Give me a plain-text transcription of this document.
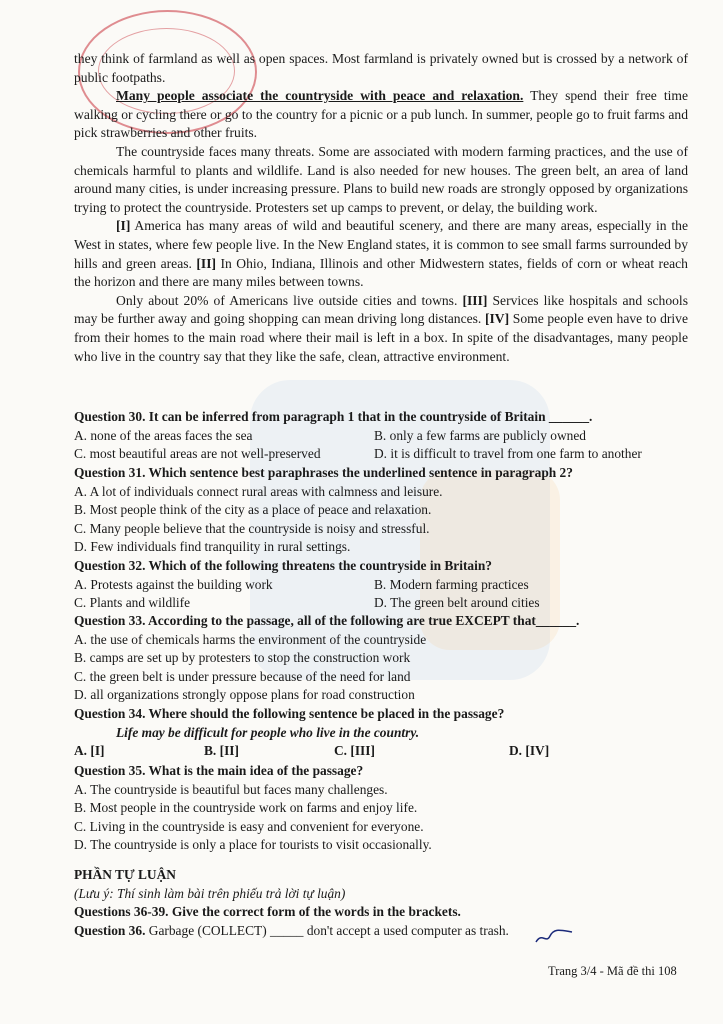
they think of farmland as well as open spaces. Most farmland is privately owned but is crossed by a network of public footpaths.

Many people associate the countryside with peace and relaxation. They spend their free time walking or cycling there or go to the country for a picnic or a pub lunch. In summer, people go to fruit farms and pick strawberries and other fruits.

The countryside faces many threats. Some are associated with modern farming practices, and the use of chemicals harmful to plants and wildlife. Land is also needed for new houses. The green belt, an area of land around many cities, is under increasing pressure. Plans to build new roads are strongly opposed by organizations trying to protect the countryside. Protesters set up camps to prevent, or delay, the building work.

[I] America has many areas of wild and beautiful scenery, and there are many areas, especially in the West in states, where few people live. In the New England states, it is common to see small farms surrounded by hills and green areas. [II] In Ohio, Indiana, Illinois and other Midwestern states, fields of corn or wheat reach the horizon and there are many miles between towns.

Only about 20% of Americans live outside cities and towns. [III] Services like hospitals and schools may be further away and going shopping can mean driving long distances. [IV] Some people even have to drive from their homes to the main road where their mail is left in a box. In spite of the disadvantages, many people who live in the country say that they like the safe, clean, attractive environment.

Question 30. It can be inferred from paragraph 1 that in the countryside of Britain ______.
A. none of the areas faces the sea	B. only a few farms are publicly owned
C. most beautiful areas are not well-preserved	D. it is difficult to travel from one farm to another
Question 31. Which sentence best paraphrases the underlined sentence in paragraph 2?
A. A lot of individuals connect rural areas with calmness and leisure.
B. Most people think of the city as a place of peace and relaxation.
C. Many people believe that the countryside is noisy and stressful.
D. Few individuals find tranquility in rural settings.
Question 32. Which of the following threatens the countryside in Britain?
A. Protests against the building work	B. Modern farming practices
C. Plants and wildlife	D. The green belt around cities
Question 33. According to the passage, all of the following are true EXCEPT that______.
A. the use of chemicals harms the environment of the countryside
B. camps are set up by protesters to stop the construction work
C. the green belt is under pressure because of the need for land
D. all organizations strongly oppose plans for road construction
Question 34. Where should the following sentence be placed in the passage?
Life may be difficult for people who live in the country.
A. [I]	B. [II]	C. [III]	D. [IV]
Question 35. What is the main idea of the passage?
A. The countryside is beautiful but faces many challenges.
B. Most people in the countryside work on farms and enjoy life.
C. Living in the countryside is easy and convenient for everyone.
D. The countryside is only a place for tourists to visit occasionally.
PHẦN TỰ LUẬN
(Lưu ý: Thí sinh làm bài trên phiếu trả lời tự luận)
Questions 36-39. Give the correct form of the words in the brackets.
Question 36. Garbage (COLLECT) _____ don't accept a used computer as trash.
Trang 3/4 - Mã đề thi 108
